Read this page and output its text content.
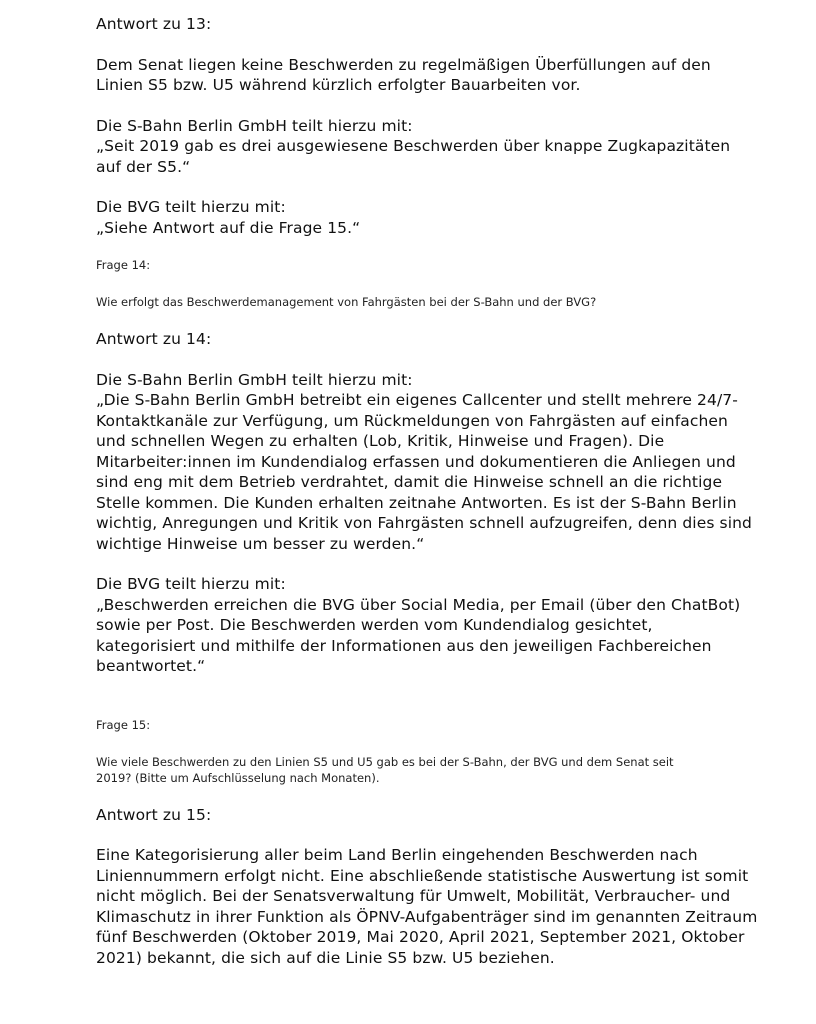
Antwort zu 13:

Dem Senat liegen keine Beschwerden zu regelmäßigen Überfüllungen auf den
Linien S5 bzw. U5 während kürzlich erfolgter Bauarbeiten vor.

Die S-Bahn Berlin GmbH teilt hierzu mit:
„Seit 2019 gab es drei ausgewiesene Beschwerden über knappe Zugkapazitäten
auf der S5.“

Die BVG teilt hierzu mit:
„Siehe Antwort auf die Frage 15.“

Frage 14:

Wie erfolgt das Beschwerdemanagement von Fahrgästen bei der S-Bahn und der BVG?

Antwort zu 14:

Die S-Bahn Berlin GmbH teilt hierzu mit:
„Die S-Bahn Berlin GmbH betreibt ein eigenes Callcenter und stellt mehrere 24/7-
Kontaktkanäle zur Verfügung, um Rückmeldungen von Fahrgästen auf einfachen
und schnellen Wegen zu erhalten (Lob, Kritik, Hinweise und Fragen). Die
Mitarbeiter:innen im Kundendialog erfassen und dokumentieren die Anliegen und
sind eng mit dem Betrieb verdrahtet, damit die Hinweise schnell an die richtige
Stelle kommen. Die Kunden erhalten zeitnahe Antworten. Es ist der S-Bahn Berlin
wichtig, Anregungen und Kritik von Fahrgästen schnell aufzugreifen, denn dies sind
wichtige Hinweise um besser zu werden.“

Die BVG teilt hierzu mit:
„Beschwerden erreichen die BVG über Social Media, per Email (über den ChatBot)
sowie per Post. Die Beschwerden werden vom Kundendialog gesichtet,
kategorisiert und mithilfe der Informationen aus den jeweiligen Fachbereichen
beantwortet.“

Frage 15:

Wie viele Beschwerden zu den Linien S5 und U5 gab es bei der S-Bahn, der BVG und dem Senat seit
2019? (Bitte um Aufschlüsselung nach Monaten).

Antwort zu 15:

Eine Kategorisierung aller beim Land Berlin eingehenden Beschwerden nach
Liniennummern erfolgt nicht. Eine abschließende statistische Auswertung ist somit
nicht möglich. Bei der Senatsverwaltung für Umwelt, Mobilität, Verbraucher- und
Klimaschutz in ihrer Funktion als ÖPNV-Aufgabenträger sind im genannten Zeitraum
fünf Beschwerden (Oktober 2019, Mai 2020, April 2021, September 2021, Oktober
2021) bekannt, die sich auf die Linie S5 bzw. U5 beziehen.
